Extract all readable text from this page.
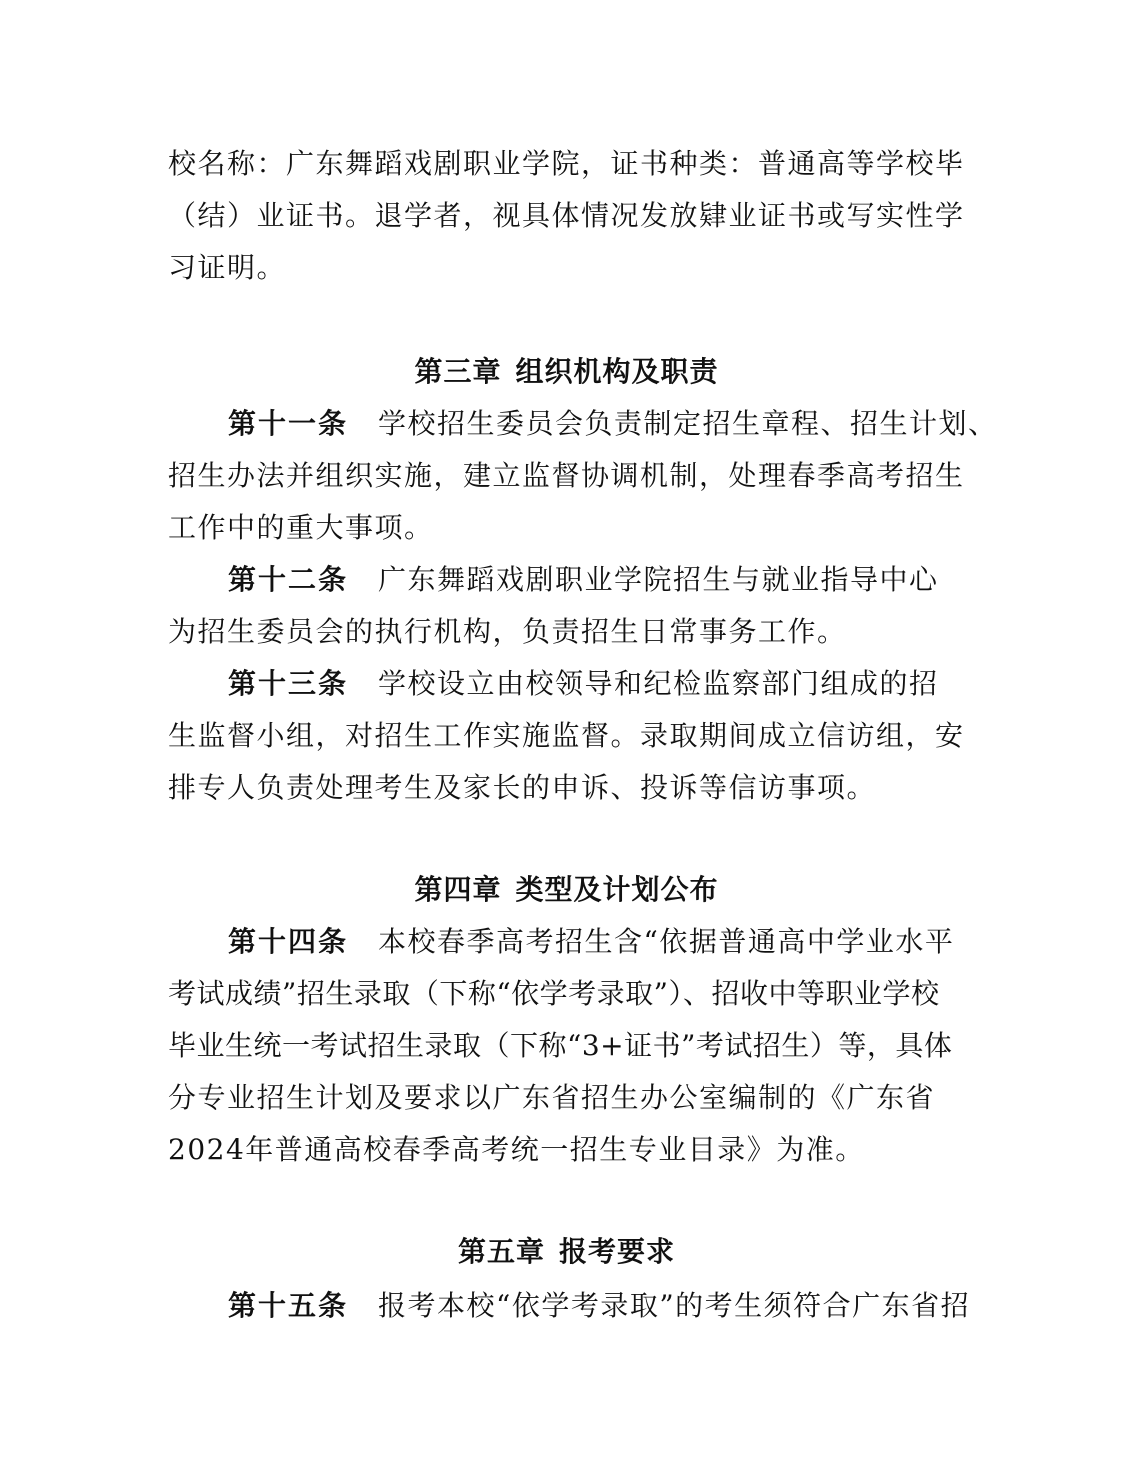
校名称：广东舞蹈戏剧职业学院，证书种类：普通高等学校毕
（结）业证书。退学者，视具体情况发放肄业证书或写实性学
习证明。
第三章 组织机构及职责
第十一条 学校招生委员会负责制定招生章程、招生计划、
招生办法并组织实施，建立监督协调机制，处理春季高考招生
工作中的重大事项。
第十二条 广东舞蹈戏剧职业学院招生与就业指导中心
为招生委员会的执行机构，负责招生日常事务工作。
第十三条 学校设立由校领导和纪检监察部门组成的招
生监督小组，对招生工作实施监督。录取期间成立信访组，安
排专人负责处理考生及家长的申诉、投诉等信访事项。
第四章 类型及计划公布
第十四条 本校春季高考招生含“依据普通高中学业水平
考试成绩”招生录取（下称“依学考录取”）、招收中等职业学校
毕业生统一考试招生录取（下称“3+证书”考试招生）等，具体
分专业招生计划及要求以广东省招生办公室编制的《广东省
2024年普通高校春季高考统一招生专业目录》为准。
第五章 报考要求
第十五条 报考本校“依学考录取”的考生须符合广东省招
